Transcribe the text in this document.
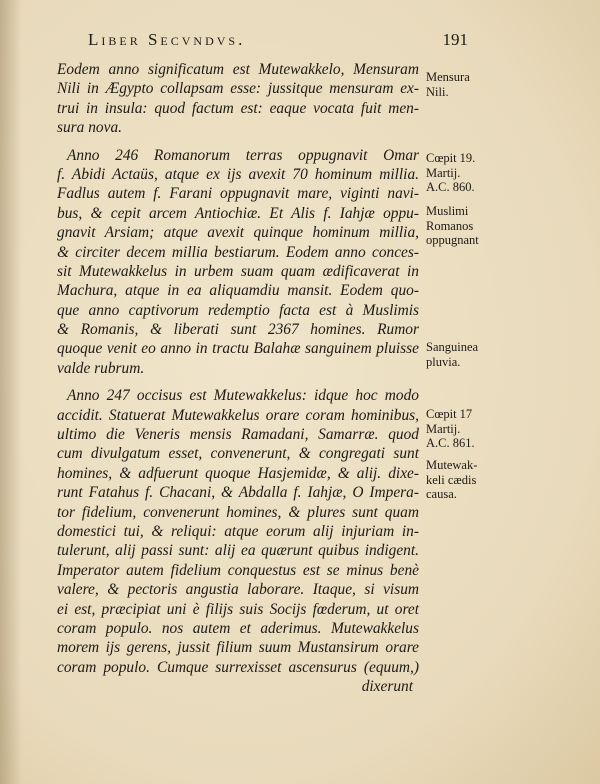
Liber Secvndvs.	191
Eodem anno significatum est Mutewakkelo, Mensuram
Nili in Ægypto collapsam esse: jussitque mensuram ex-
trui in insula: quod factum est: eaque vocata fuit men-
sura nova.
Anno 246 Romanorum terras oppugnavit Omar
f. Abidi Actaüs, atque ex ijs avexit 70 hominum millia.
Fadlus autem f. Farani oppugnavit mare, viginti navi-
bus, & cepit arcem Antiochiæ. Et Alis f. Iahjæ oppu-
gnavit Arsiam; atque avexit quinque hominum millia,
& circiter decem millia bestiarum. Eodem anno conces-
sit Mutewakkelus in urbem suam quam ædificaverat in
Machura, atque in ea aliquamdiu mansit. Eodem quo-
que anno captivorum redemptio facta est à Muslimis
& Romanis, & liberati sunt 2367 homines. Rumor
quoque venit eo anno in tractu Balahæ sanguinem pluisse
valde rubrum.
Anno 247 occisus est Mutewakkelus: idque hoc modo
accidit. Statuerat Mutewakkelus orare coram hominibus,
ultimo die Veneris mensis Ramadani, Samarræ. quod
cum divulgatum esset, convenerunt, & congregati sunt
homines, & adfuerunt quoque Hasjemidæ, & alij. dixe-
runt Fatahus f. Chacani, & Abdalla f. Iahjæ, O Impera-
tor fidelium, convenerunt homines, & plures sunt quam
domestici tui, & reliqui: atque eorum alij injuriam in-
tulerunt, alij passi sunt: alij ea quærunt quibus indigent.
Imperator autem fidelium conquestus est se minus benè
valere, & pectoris angustia laborare. Itaque, si visum
ei est, præcipiat uni è filijs suis Socijs fœderum, ut oret
coram populo. nos autem et aderimus. Mutewakkelus
morem ijs gerens, jussit filium suum Mustansirum orare
coram populo. Cumque surrexisset ascensurus (equum,)
dixerunt
Mensura
Nili.
Cœpit 19.
Martij.
A.C. 860.
Muslimi
Romanos
oppugnant
Sanguinea
pluvia.
Cœpit 17
Martij.
A.C. 861.
Mutewak-
keli cædis
causa.
